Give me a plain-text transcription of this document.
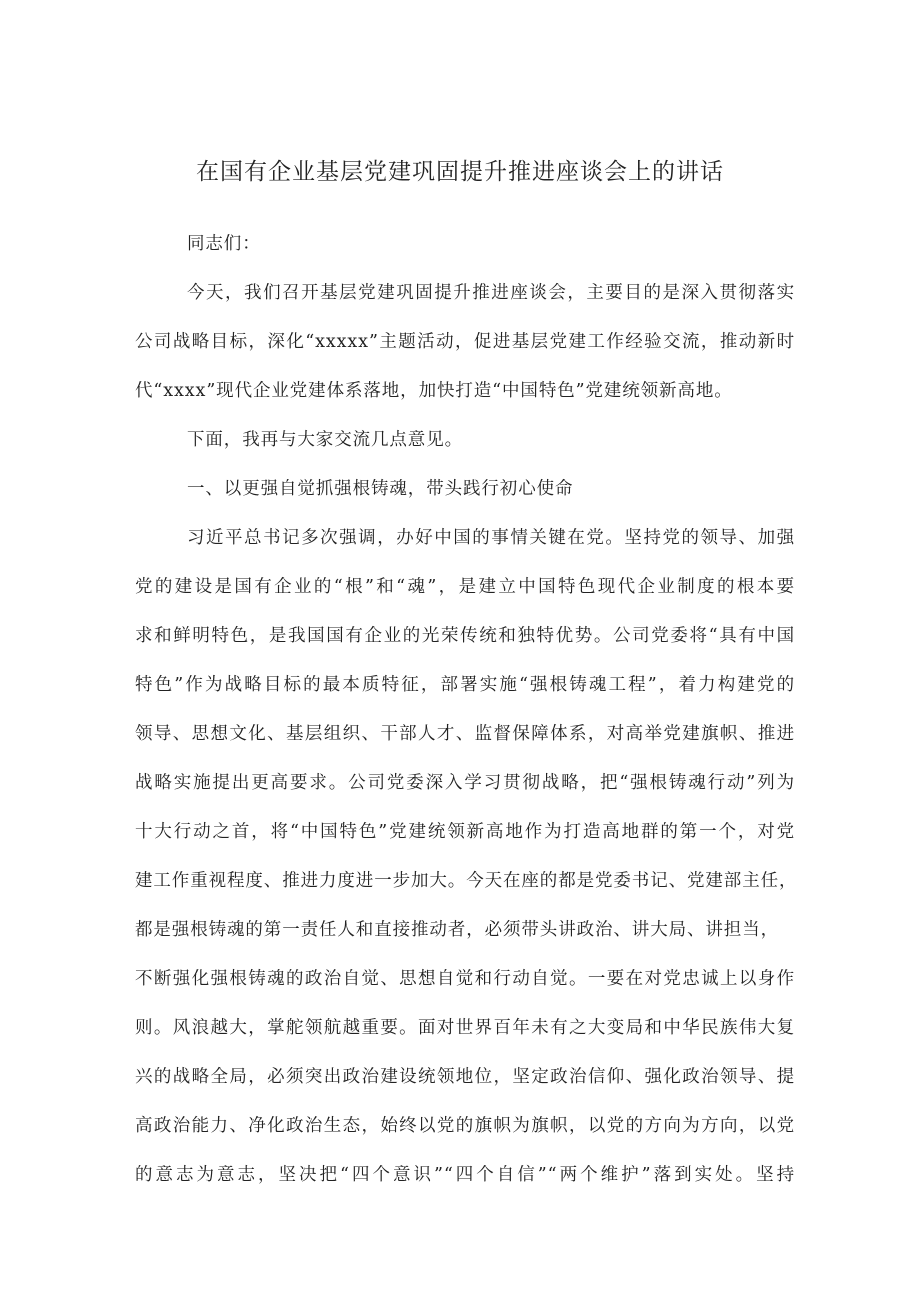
在国有企业基层党建巩固提升推进座谈会上的讲话
同志们：
今天，我们召开基层党建巩固提升推进座谈会，主要目的是深入贯彻落实
公司战略目标，深化“xxxxx”主题活动，促进基层党建工作经验交流，推动新时
代“xxxx”现代企业党建体系落地，加快打造“中国特色”党建统领新高地。
下面，我再与大家交流几点意见。
一、以更强自觉抓强根铸魂，带头践行初心使命
习近平总书记多次强调，办好中国的事情关键在党。坚持党的领导、加强
党的建设是国有企业的“根”和“魂”，是建立中国特色现代企业制度的根本要
求和鲜明特色，是我国国有企业的光荣传统和独特优势。公司党委将“具有中国
特色”作为战略目标的最本质特征，部署实施“强根铸魂工程”，着力构建党的
领导、思想文化、基层组织、干部人才、监督保障体系，对高举党建旗帜、推进
战略实施提出更高要求。公司党委深入学习贯彻战略，把“强根铸魂行动”列为
十大行动之首，将“中国特色”党建统领新高地作为打造高地群的第一个，对党
建工作重视程度、推进力度进一步加大。今天在座的都是党委书记、党建部主任，
都是强根铸魂的第一责任人和直接推动者，必须带头讲政治、讲大局、讲担当，
不断强化强根铸魂的政治自觉、思想自觉和行动自觉。一要在对党忠诚上以身作
则。风浪越大，掌舵领航越重要。面对世界百年未有之大变局和中华民族伟大复
兴的战略全局，必须突出政治建设统领地位，坚定政治信仰、强化政治领导、提
高政治能力、净化政治生态，始终以党的旗帜为旗帜，以党的方向为方向，以党
的意志为意志，坚决把“四个意识”“四个自信”“两个维护”落到实处。坚持
